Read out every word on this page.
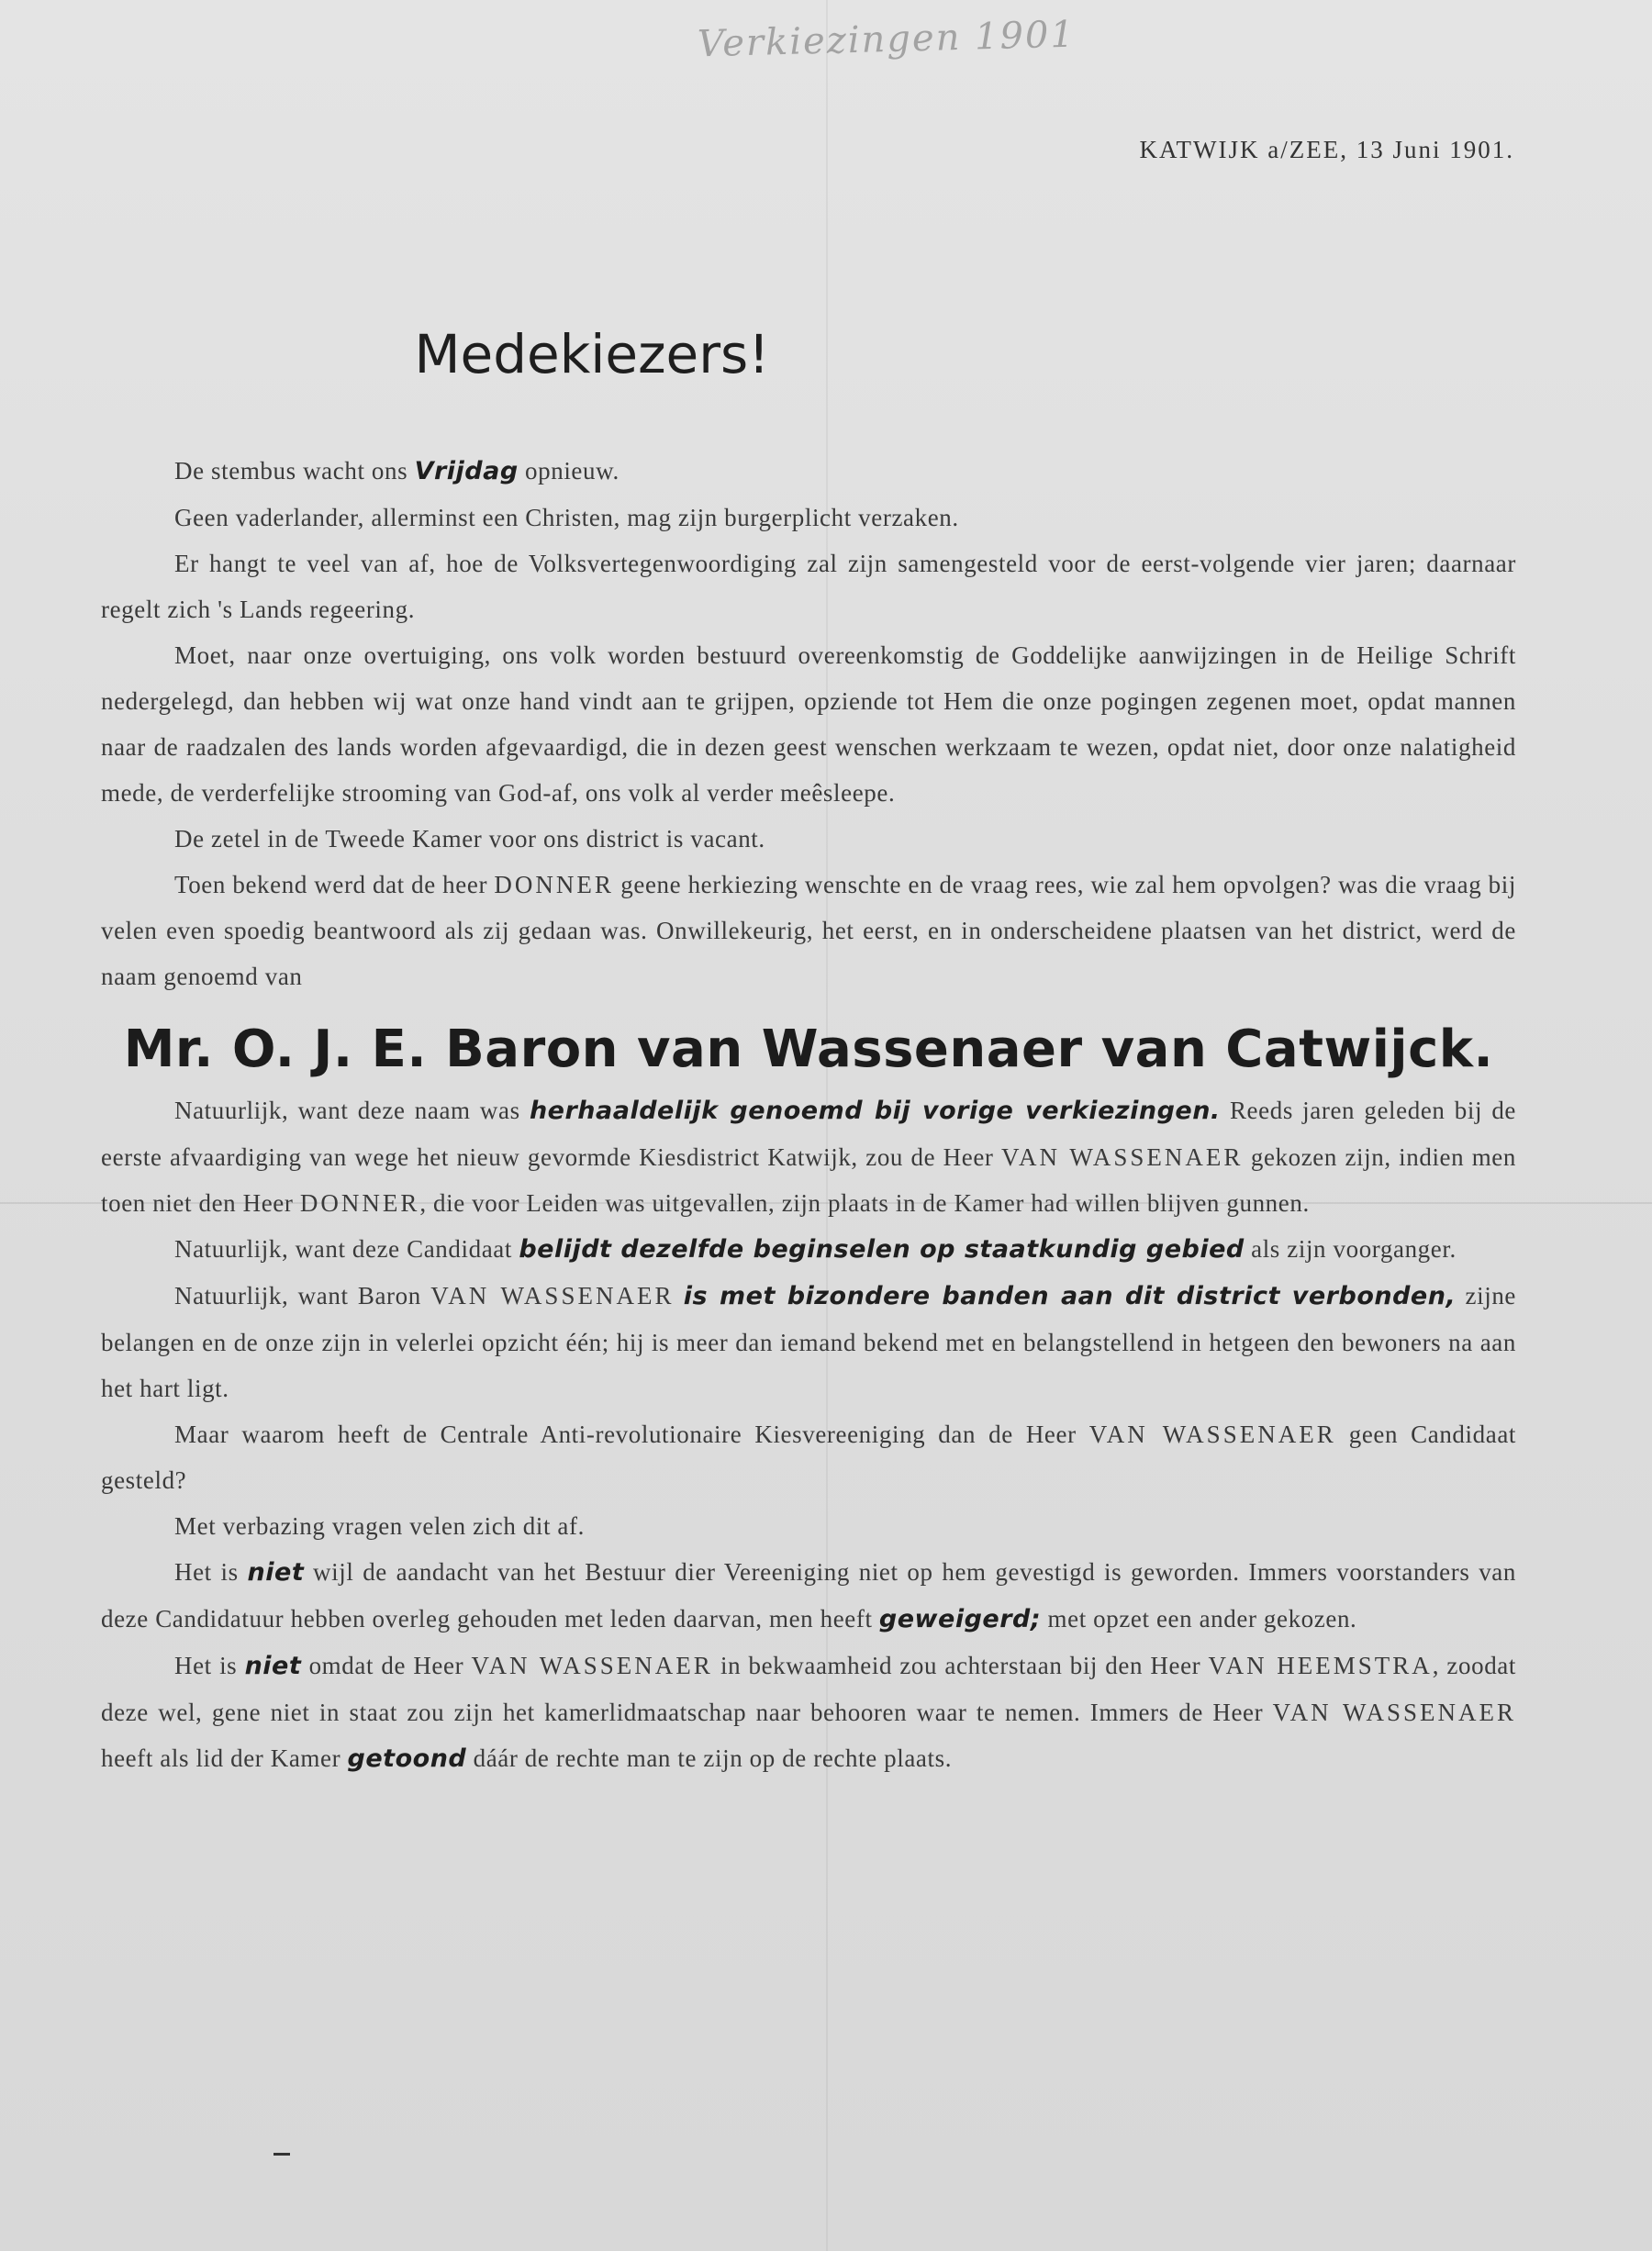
Verkiezingen 1901
KATWIJK a/ZEE, 13 Juni 1901.
Medekiezers!

De stembus wacht ons Vrijdag opnieuw.

Geen vaderlander, allerminst een Christen, mag zijn burgerplicht verzaken.

Er hangt te veel van af, hoe de Volksvertegenwoordiging zal zijn samengesteld voor de eerst-volgende vier jaren; daarnaar regelt zich 's Lands regeering.

Moet, naar onze overtuiging, ons volk worden bestuurd overeenkomstig de Goddelijke aanwijzingen in de Heilige Schrift nedergelegd, dan hebben wij wat onze hand vindt aan te grijpen, opziende tot Hem die onze pogingen zegenen moet, opdat mannen naar de raadzalen des lands worden afgevaardigd, die in dezen geest wenschen werkzaam te wezen, opdat niet, door onze nalatigheid mede, de verderfelijke strooming van God-af, ons volk al verder meêsleepe.

De zetel in de Tweede Kamer voor ons district is vacant.

Toen bekend werd dat de heer DONNER geene herkiezing wenschte en de vraag rees, wie zal hem opvolgen? was die vraag bij velen even spoedig beantwoord als zij gedaan was. Onwillekeurig, het eerst, en in onderscheidene plaatsen van het district, werd de naam genoemd van

Mr. O. J. E. Baron van Wassenaer van Catwijck.

Natuurlijk, want deze naam was herhaaldelijk genoemd bij vorige verkiezingen. Reeds jaren geleden bij de eerste afvaardiging van wege het nieuw gevormde Kiesdistrict Katwijk, zou de Heer VAN WASSENAER gekozen zijn, indien men toen niet den Heer DONNER, die voor Leiden was uitgevallen, zijn plaats in de Kamer had willen blijven gunnen.

Natuurlijk, want deze Candidaat belijdt dezelfde beginselen op staatkundig gebied als zijn voorganger.

Natuurlijk, want Baron VAN WASSENAER is met bizondere banden aan dit district verbonden, zijne belangen en de onze zijn in velerlei opzicht één; hij is meer dan iemand bekend met en belangstellend in hetgeen den bewoners na aan het hart ligt.

Maar waarom heeft de Centrale Anti-revolutionaire Kiesvereeniging dan de Heer VAN WASSENAER geen Candidaat gesteld?

Met verbazing vragen velen zich dit af.

Het is niet wijl de aandacht van het Bestuur dier Vereeniging niet op hem gevestigd is geworden. Immers voorstanders van deze Candidatuur hebben overleg gehouden met leden daarvan, men heeft geweigerd; met opzet een ander gekozen.

Het is niet omdat de Heer VAN WASSENAER in bekwaamheid zou achterstaan bij den Heer VAN HEEMSTRA, zoodat deze wel, gene niet in staat zou zijn het kamerlidmaatschap naar behooren waar te nemen. Immers de Heer VAN WASSENAER heeft als lid der Kamer getoond dáár de rechte man te zijn op de rechte plaats.
